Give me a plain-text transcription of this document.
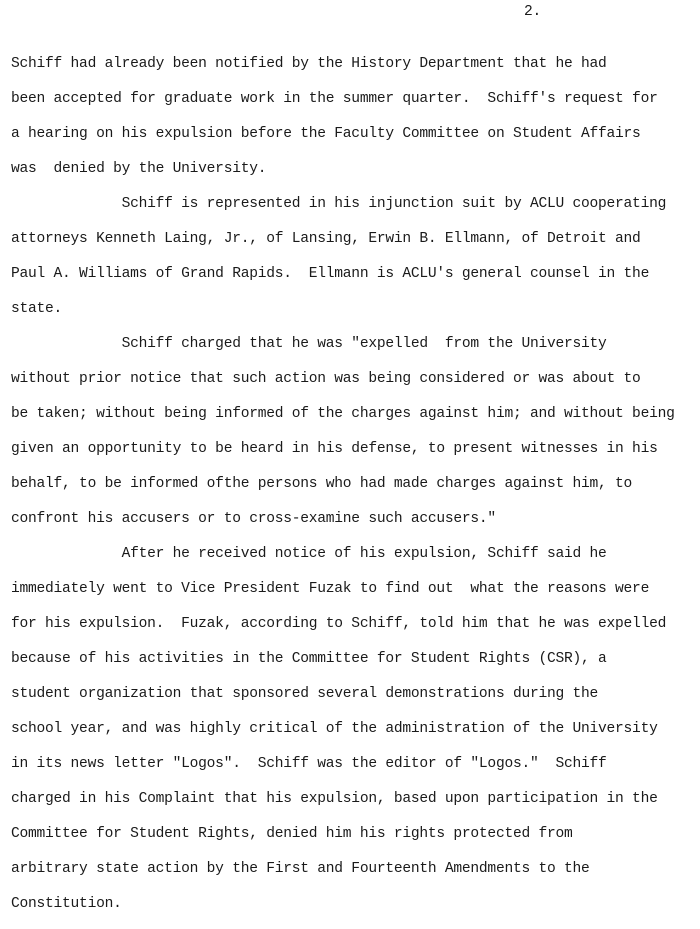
2.

Schiff had already been notified by the History Department that he had
been accepted for graduate work in the summer quarter.  Schiff's request for
a hearing on his expulsion before the Faculty Committee on Student Affairs
was  denied by the University.
Schiff is represented in his injunction suit by ACLU cooperating
attorneys Kenneth Laing, Jr., of Lansing, Erwin B. Ellmann, of Detroit and
Paul A. Williams of Grand Rapids.  Ellmann is ACLU's general counsel in the
state.
Schiff charged that he was "expelled  from the University
without prior notice that such action was being considered or was about to
be taken; without being informed of the charges against him; and without being
given an opportunity to be heard in his defense, to present witnesses in his
behalf, to be informed ofthe persons who had made charges against him, to
confront his accusers or to cross-examine such accusers."
After he received notice of his expulsion, Schiff said he
immediately went to Vice President Fuzak to find out  what the reasons were
for his expulsion.  Fuzak, according to Schiff, told him that he was expelled
because of his activities in the Committee for Student Rights (CSR), a
student organization that sponsored several demonstrations during the
school year, and was highly critical of the administration of the University
in its news letter "Logos".  Schiff was the editor of "Logos."  Schiff
charged in his Complaint that his expulsion, based upon participation in the
Committee for Student Rights, denied him his rights protected from
arbitrary state action by the First and Fourteenth Amendments to the
Constitution.
